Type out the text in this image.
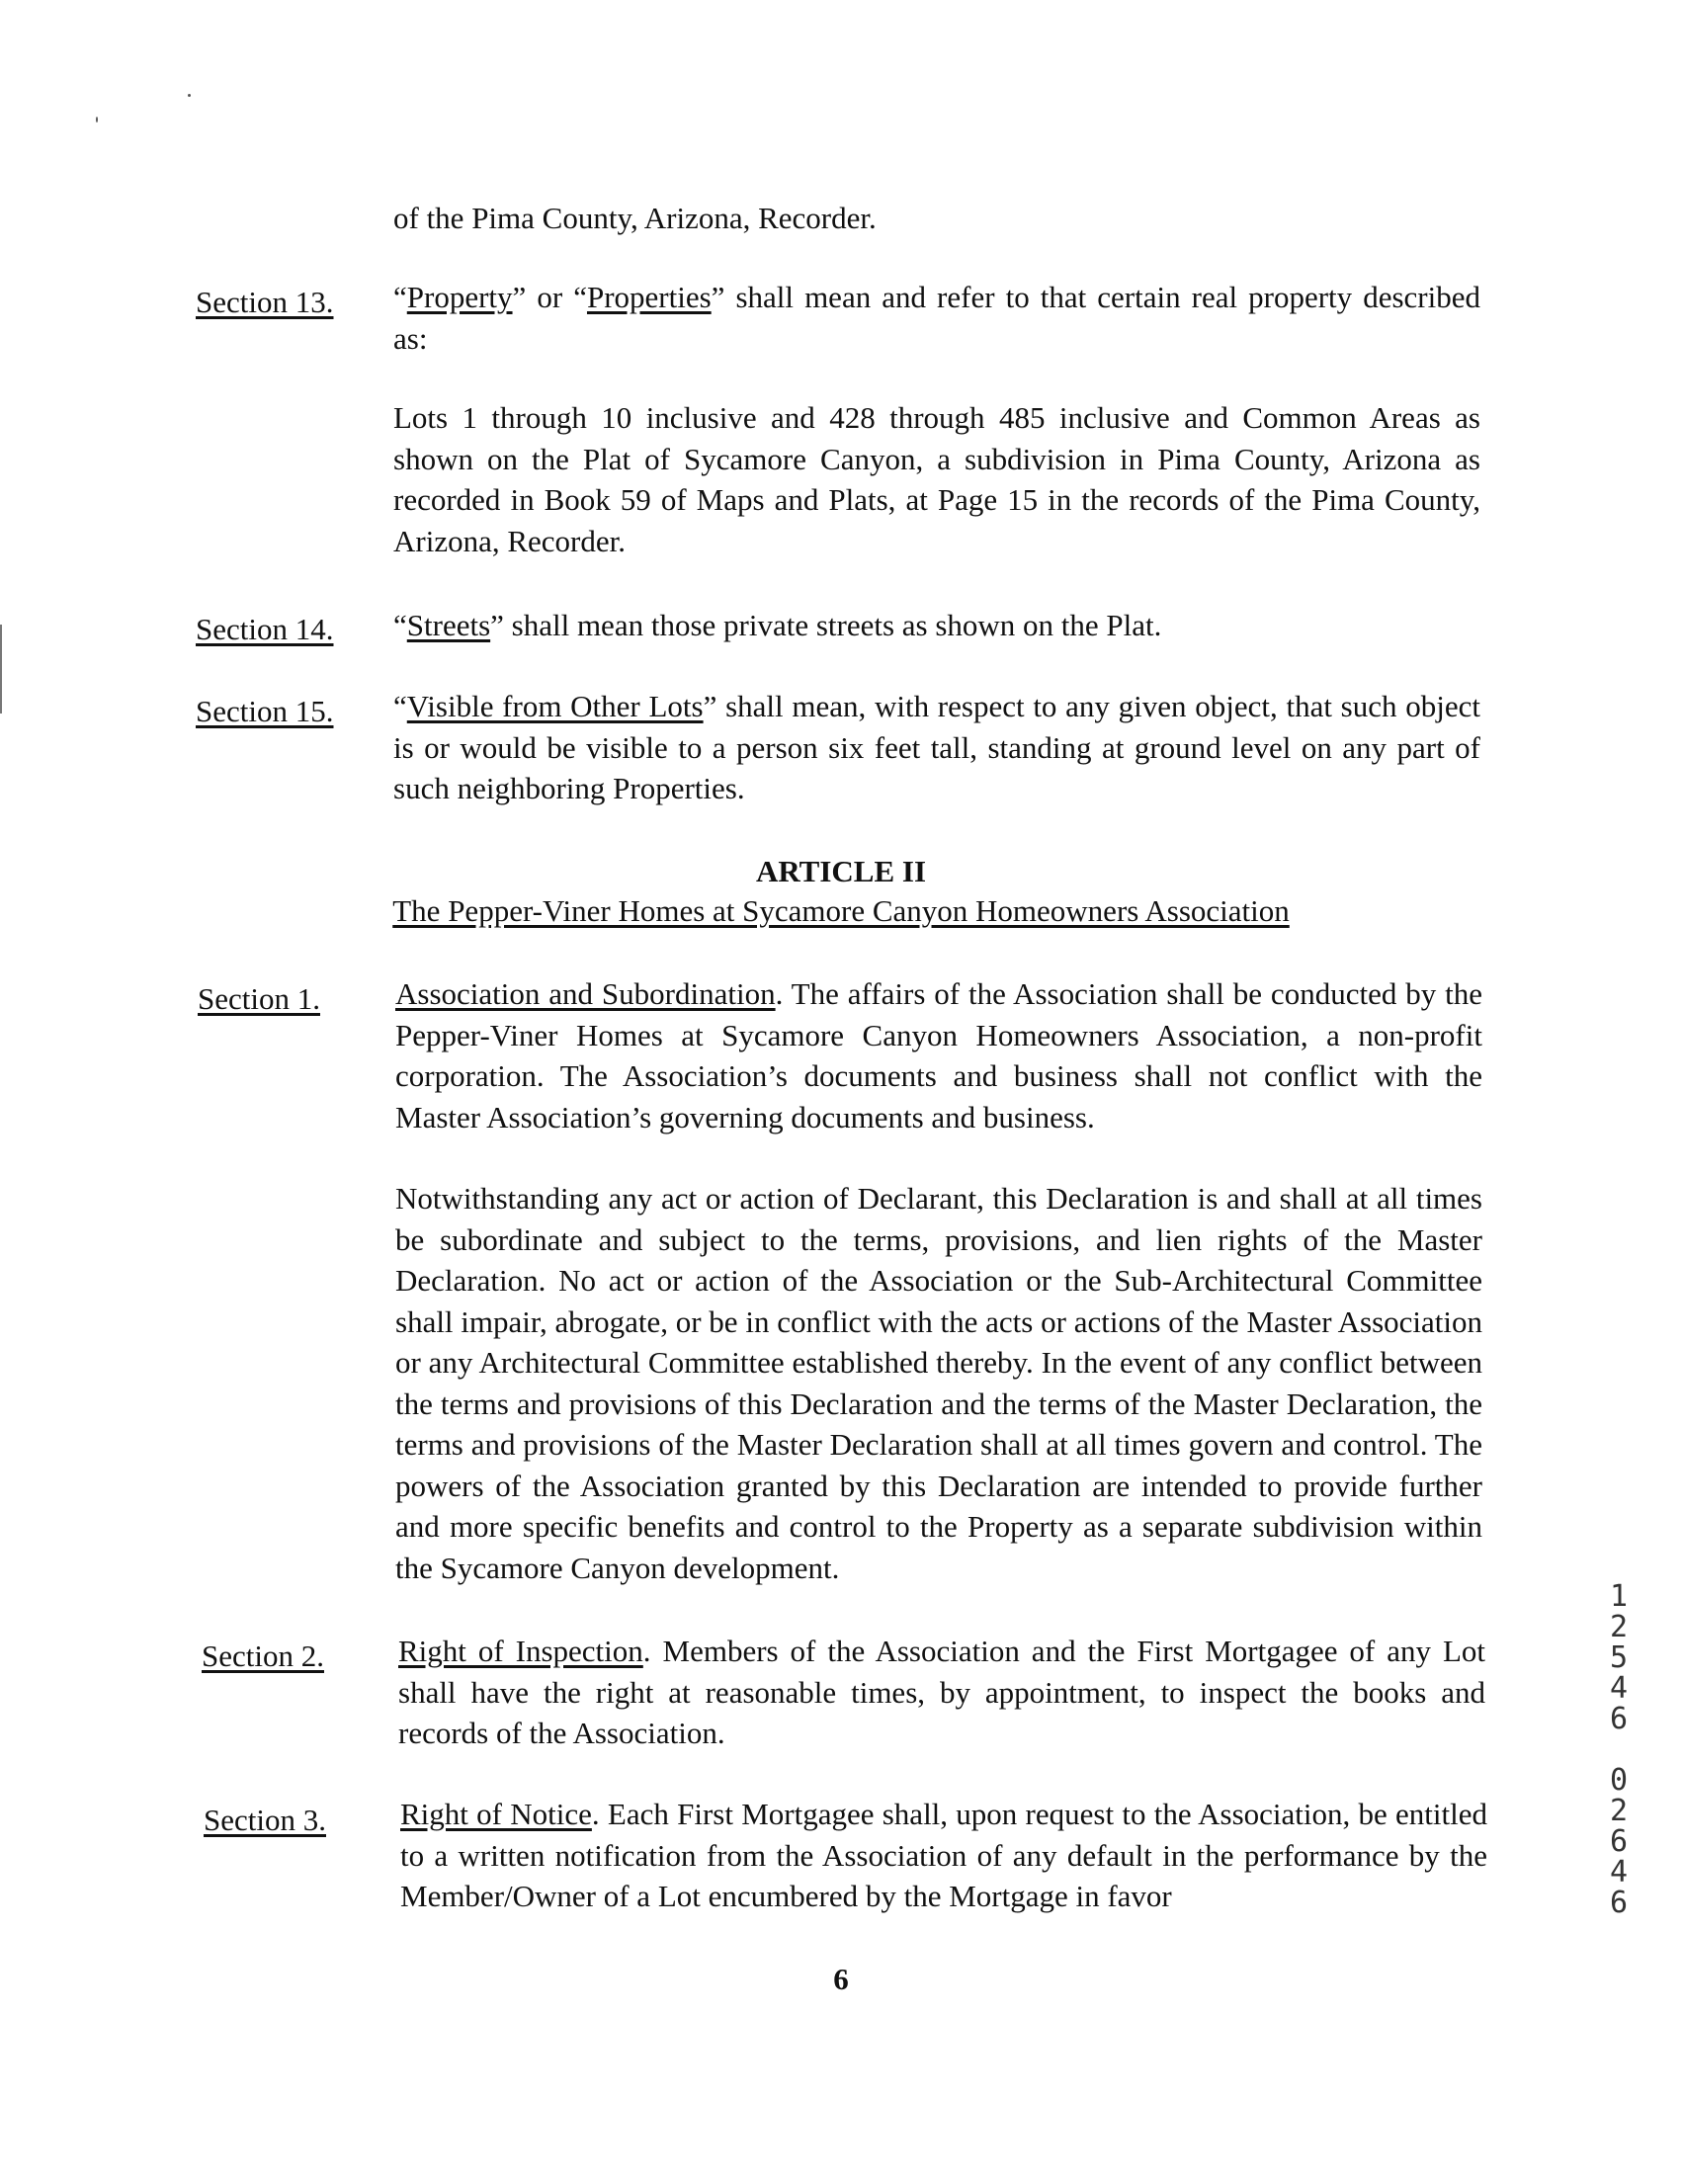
of the Pima County, Arizona, Recorder.
Section 13. “Property” or “Properties” shall mean and refer to that certain real property described as:
Lots 1 through 10 inclusive and 428 through 485 inclusive and Common Areas as shown on the Plat of Sycamore Canyon, a subdivision in Pima County, Arizona as recorded in Book 59 of Maps and Plats, at Page 15 in the records of the Pima County, Arizona, Recorder.
Section 14. “Streets” shall mean those private streets as shown on the Plat.
Section 15. “Visible from Other Lots” shall mean, with respect to any given object, that such object is or would be visible to a person six feet tall, standing at ground level on any part of such neighboring Properties.
ARTICLE II
The Pepper-Viner Homes at Sycamore Canyon Homeowners Association
Section 1. Association and Subordination. The affairs of the Association shall be conducted by the Pepper-Viner Homes at Sycamore Canyon Homeowners Association, a non-profit corporation. The Association’s documents and business shall not conflict with the Master Association’s governing documents and business.
Notwithstanding any act or action of Declarant, this Declaration is and shall at all times be subordinate and subject to the terms, provisions, and lien rights of the Master Declaration. No act or action of the Association or the Sub-Architectural Committee shall impair, abrogate, or be in conflict with the acts or actions of the Master Association or any Architectural Committee established thereby. In the event of any conflict between the terms and provisions of this Declaration and the terms of the Master Declaration, the terms and provisions of the Master Declaration shall at all times govern and control. The powers of the Association granted by this Declaration are intended to provide further and more specific benefits and control to the Property as a separate subdivision within the Sycamore Canyon development.
Section 2. Right of Inspection. Members of the Association and the First Mortgagee of any Lot shall have the right at reasonable times, by appointment, to inspect the books and records of the Association.
Section 3. Right of Notice. Each First Mortgagee shall, upon request to the Association, be entitled to a written notification from the Association of any default in the performance by the Member/Owner of a Lot encumbered by the Mortgage in favor
6
1
2
5
4
6

0
2
6
4
6
